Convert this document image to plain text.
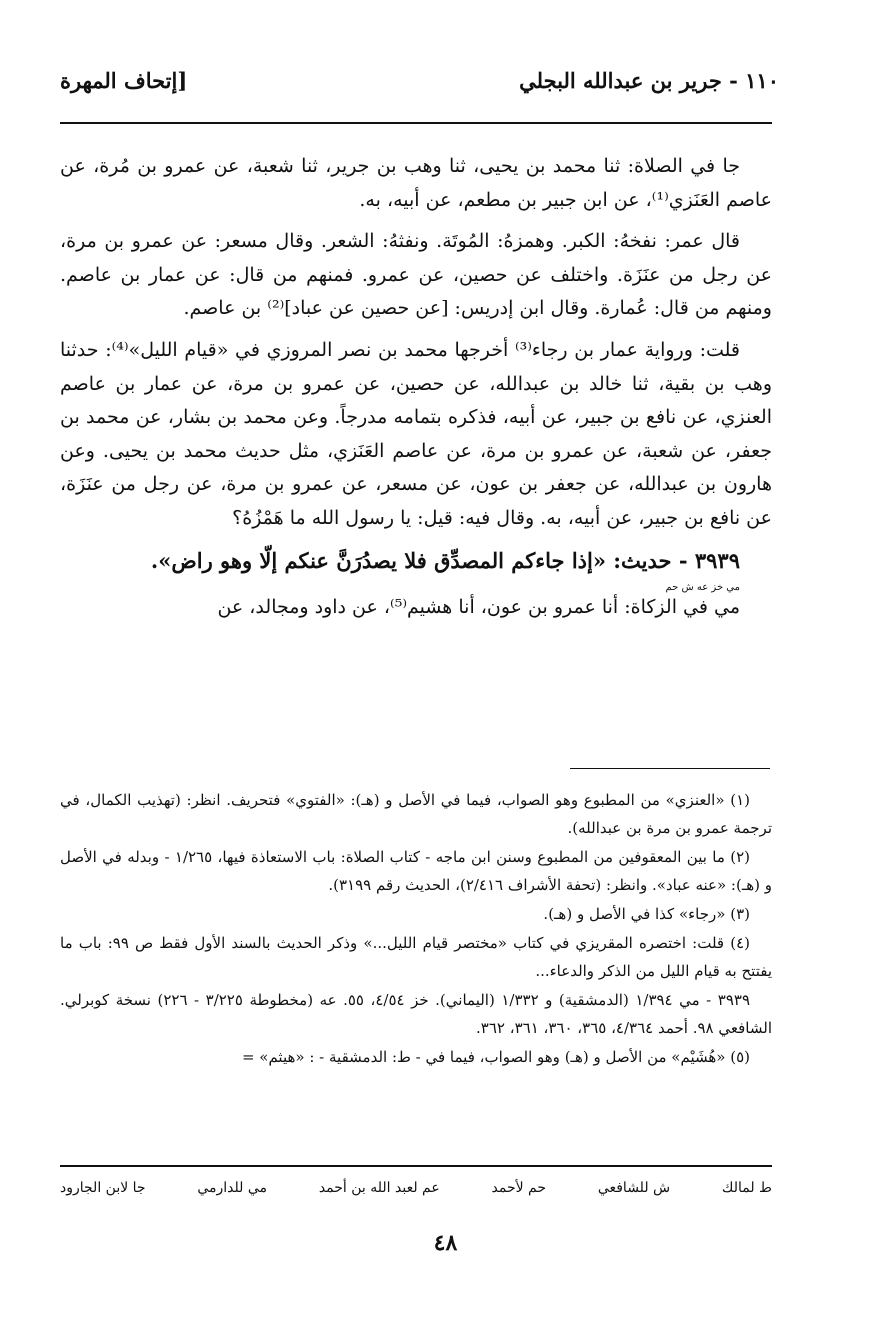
١١٠ - جرير بن عبدالله البجلي
[إتحاف المهرة

جا في الصلاة: ثنا محمد بن يحيى، ثنا وهب بن جرير، ثنا شعبة، عن عمرو بن مُرة، عن عاصم العَنَزي⁽¹⁾، عن ابن جبير بن مطعم، عن أبيه، به.

قال عمر: نفخهُ: الكبر. وهمزهُ: المُوتَة. ونفثهُ: الشعر. وقال مسعر: عن عمرو بن مرة، عن رجل من عنَزَة. واختلف عن حصين، عن عمرو. فمنهم من قال: عن عمار بن عاصم. ومنهم من قال: عُمارة. وقال ابن إدريس: [عن حصين عن عباد]⁽²⁾ بن عاصم.

قلت: ورواية عمار بن رجاء⁽³⁾ أخرجها محمد بن نصر المروزي في «قيام الليل»⁽⁴⁾: حدثنا وهب بن بقية، ثنا خالد بن عبدالله، عن حصين، عن عمرو بن مرة، عن عمار بن عاصم العنزي، عن نافع بن جبير، عن أبيه، فذكره بتمامه مدرجاً. وعن محمد بن بشار، عن محمد بن جعفر، عن شعبة، عن عمرو بن مرة، عن عاصم العَنَزي، مثل حديث محمد بن يحيى. وعن هارون بن عبدالله، عن جعفر بن عون، عن مسعر، عن عمرو بن مرة، عن رجل من عنَزَة، عن نافع بن جبير، عن أبيه، به. وقال فيه: قيل: يا رسول الله ما هَمْزُهُ؟

٣٩٣٩ - حديث: «إذا جاءكم المصدِّق فلا يصدُرَنَّ عنكم إلّا وهو راض».

مي خز عه ش حم

مي في الزكاة: أنا عمرو بن عون، أنا هشيم⁽⁵⁾، عن داود ومجالد، عن

(١) «العنزي» من المطبوع وهو الصواب، فيما في الأصل و (هـ): «الفتوي» فتحريف. انظر: (تهذيب الكمال، في ترجمة عمرو بن مرة بن عبدالله).

(٢) ما بين المعقوفين من المطبوع وسنن ابن ماجه - كتاب الصلاة: باب الاستعاذة فيها، ١/٢٦٥ - وبدله في الأصل و (هـ): «عنه عباد». وانظر: (تحفة الأشراف ٢/٤١٦)، الحديث رقم ٣١٩٩).

(٣) «رجاء» كذا في الأصل و (هـ).

(٤) قلت: اختصره المقريزي في كتاب «مختصر قيام الليل...» وذكر الحديث بالسند الأول فقط ص ٩٩: باب ما يفتتح به قيام الليل من الذكر والدعاء...

٣٩٣٩ - مي ١/٣٩٤ (الدمشقية) و ١/٣٣٢ (اليماني). خز ٤/٥٤، ٥٥. عه (مخطوطة ٣/٢٢٥ - ٢٢٦) نسخة كوبرلي. الشافعي ٩٨. أحمد ٤/٣٦٤، ٣٦٥، ٣٦٠، ٣٦١، ٣٦٢.

(٥) «هُشَيْم» من الأصل و (هـ) وهو الصواب، فيما في - ط: الدمشقية - : «هيثم» =

ط لمالك
ش للشافعي
حم لأحمد
عم لعبد الله بن أحمد
مي للدارمي
جا لابن الجارود
٤٨
